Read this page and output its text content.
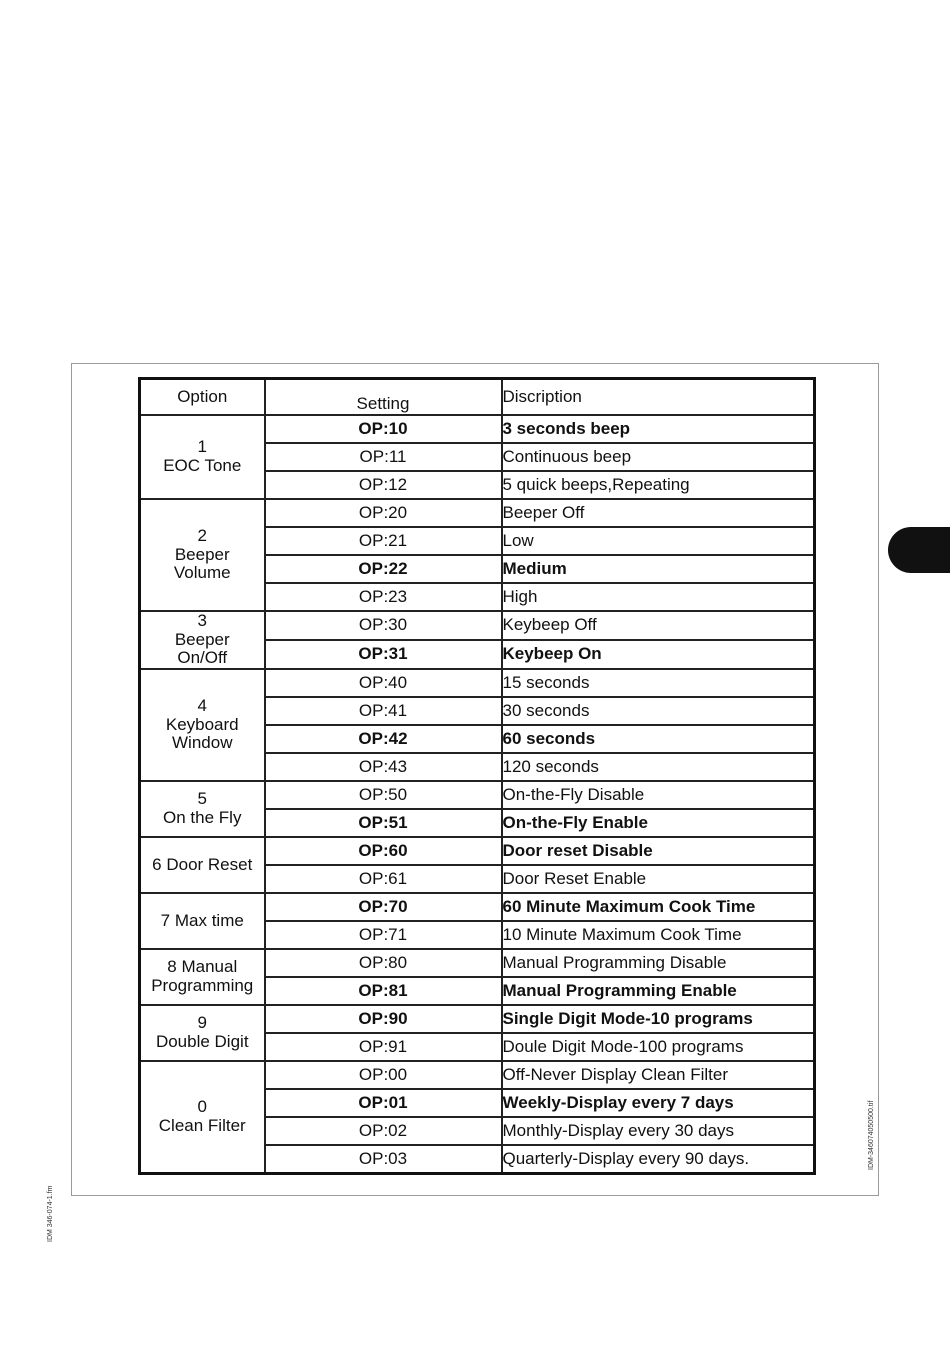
Option	Setting	Discription
1
EOC Tone	OP:10	3 seconds beep
	OP:11	Continuous beep
	OP:12	5 quick beeps,Repeating
2
Beeper
Volume	OP:20	Beeper Off
	OP:21	Low
	OP:22	Medium
	OP:23	High
3
Beeper
On/Off	OP:30	Keybeep Off
	OP:31	Keybeep On
4
Keyboard
Window	OP:40	15 seconds
	OP:41	30 seconds
	OP:42	60 seconds
	OP:43	120 seconds
5
On the Fly	OP:50	On-the-Fly Disable
	OP:51	On-the-Fly Enable
6 Door Reset	OP:60	Door reset Disable
	OP:61	Door Reset Enable
7 Max time	OP:70	60 Minute Maximum Cook Time
	OP:71	10 Minute Maximum Cook Time
8 Manual
Programming	OP:80	Manual Programming Disable
	OP:81	Manual Programming Enable
9
Double Digit	OP:90	Single Digit Mode-10 programs
	OP:91	Doule Digit Mode-100 programs
0
Clean Filter	OP:00	Off-Never Display Clean Filter
	OP:01	Weekly-Display every 7 days
	OP:02	Monthly-Display every 30 days
	OP:03	Quarterly-Display every 90 days.
IDM 346-074-1.fm
IDM-346074050500.tif
